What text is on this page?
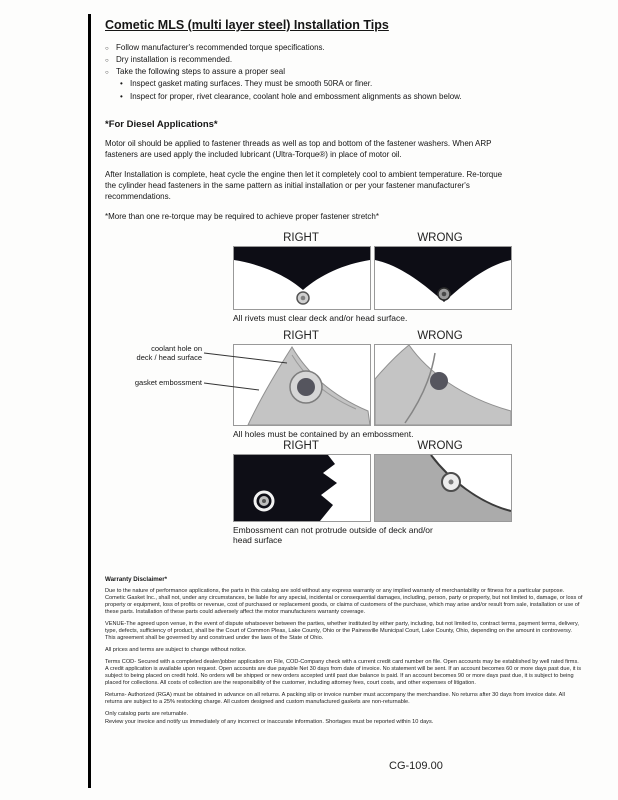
Cometic MLS (multi layer steel) Installation Tips
○ Follow manufacturer's recommended torque specifications.
○ Dry installation is recommended.
○ Take the following steps to assure a proper seal
• Inspect gasket mating surfaces. They must be smooth 50RA or finer.
• Inspect for proper, rivet clearance, coolant hole and embossment alignments as shown below.
*For Diesel Applications*

Motor oil should be applied to fastener threads as well as top and bottom of the fastener washers. When ARP fasteners are used apply the included lubricant (Ultra-Torque®) in place of motor oil.

After Installation is complete, heat cycle the engine then let it completely cool to ambient temperature. Re-torque the cylinder head fasteners in the same pattern as initial installation or per your fastener manufacturer's recommendations.

*More than one re-torque may be required to achieve proper fastener stretch*

RIGHT	WRONG
All rivets must clear deck and/or head surface.
RIGHT	WRONG
All holes must be contained by an embossment.
RIGHT	WRONG
Embossment can not protrude outside of deck and/or head surface
coolant hole on
deck / head surface
gasket embossment
Warranty Disclaimer*

Due to the nature of performance applications, the parts in this catalog are sold without any express warranty or any implied warranty of merchantability or fitness for a particular purpose. Cometic Gasket Inc., shall not, under any circumstances, be liable for any special, incidental or consequential damages, including, person, party or property, but not limited to, damage, or loss of property or equipment, loss of profits or revenue, cost of purchased or replacement goods, or claims of customers of the purchase, which may arise and/or result from sale, installation or use of these parts. Installation of these parts could adversely affect the motor manufacturers warranty coverage.

VENUE-The agreed upon venue, in the event of dispute whatsoever between the parties, whether instituted by either party, including, but not limited to, contract terms, payment terms, delivery, type, defects, sufficiency of product, shall be the Court of Common Pleas, Lake County, Ohio or the Painesville Municipal Court, Lake County, Ohio, depending on the amount in controversy. This agreement shall be governed by and construed under the laws of the State of Ohio.

All prices and terms are subject to change without notice.

Terms COD- Secured with a completed dealer/jobber application on File, COD-Company check with a current credit card number on file. Open accounts may be established by well rated firms. A credit application is available upon request. Open accounts are due payable Net 30 days from date of invoice. No statement will be sent. If an account becomes 60 or more days past due, it is subject to being placed on credit hold. No orders will be shipped or new orders accepted until past due balance is paid. If an account becomes 90 or more days past due, it is subject to being placed for collections. All costs of collection are the responsibility of the customer, including attorney fees, court costs, and other expenses of litigation.

Returns- Authorized (RGA) must be obtained in advance on all returns. A packing slip or invoice number must accompany the merchandise. No returns after 30 days from invoice date. All returns are subject to a 25% restocking charge. All custom designed and custom manufactured gaskets are non-returnable.

Only catalog parts are returnable.

Review your invoice and notify us immediately of any incorrect or inaccurate information. Shortages must be reported within 10 days.

CG-109.00
